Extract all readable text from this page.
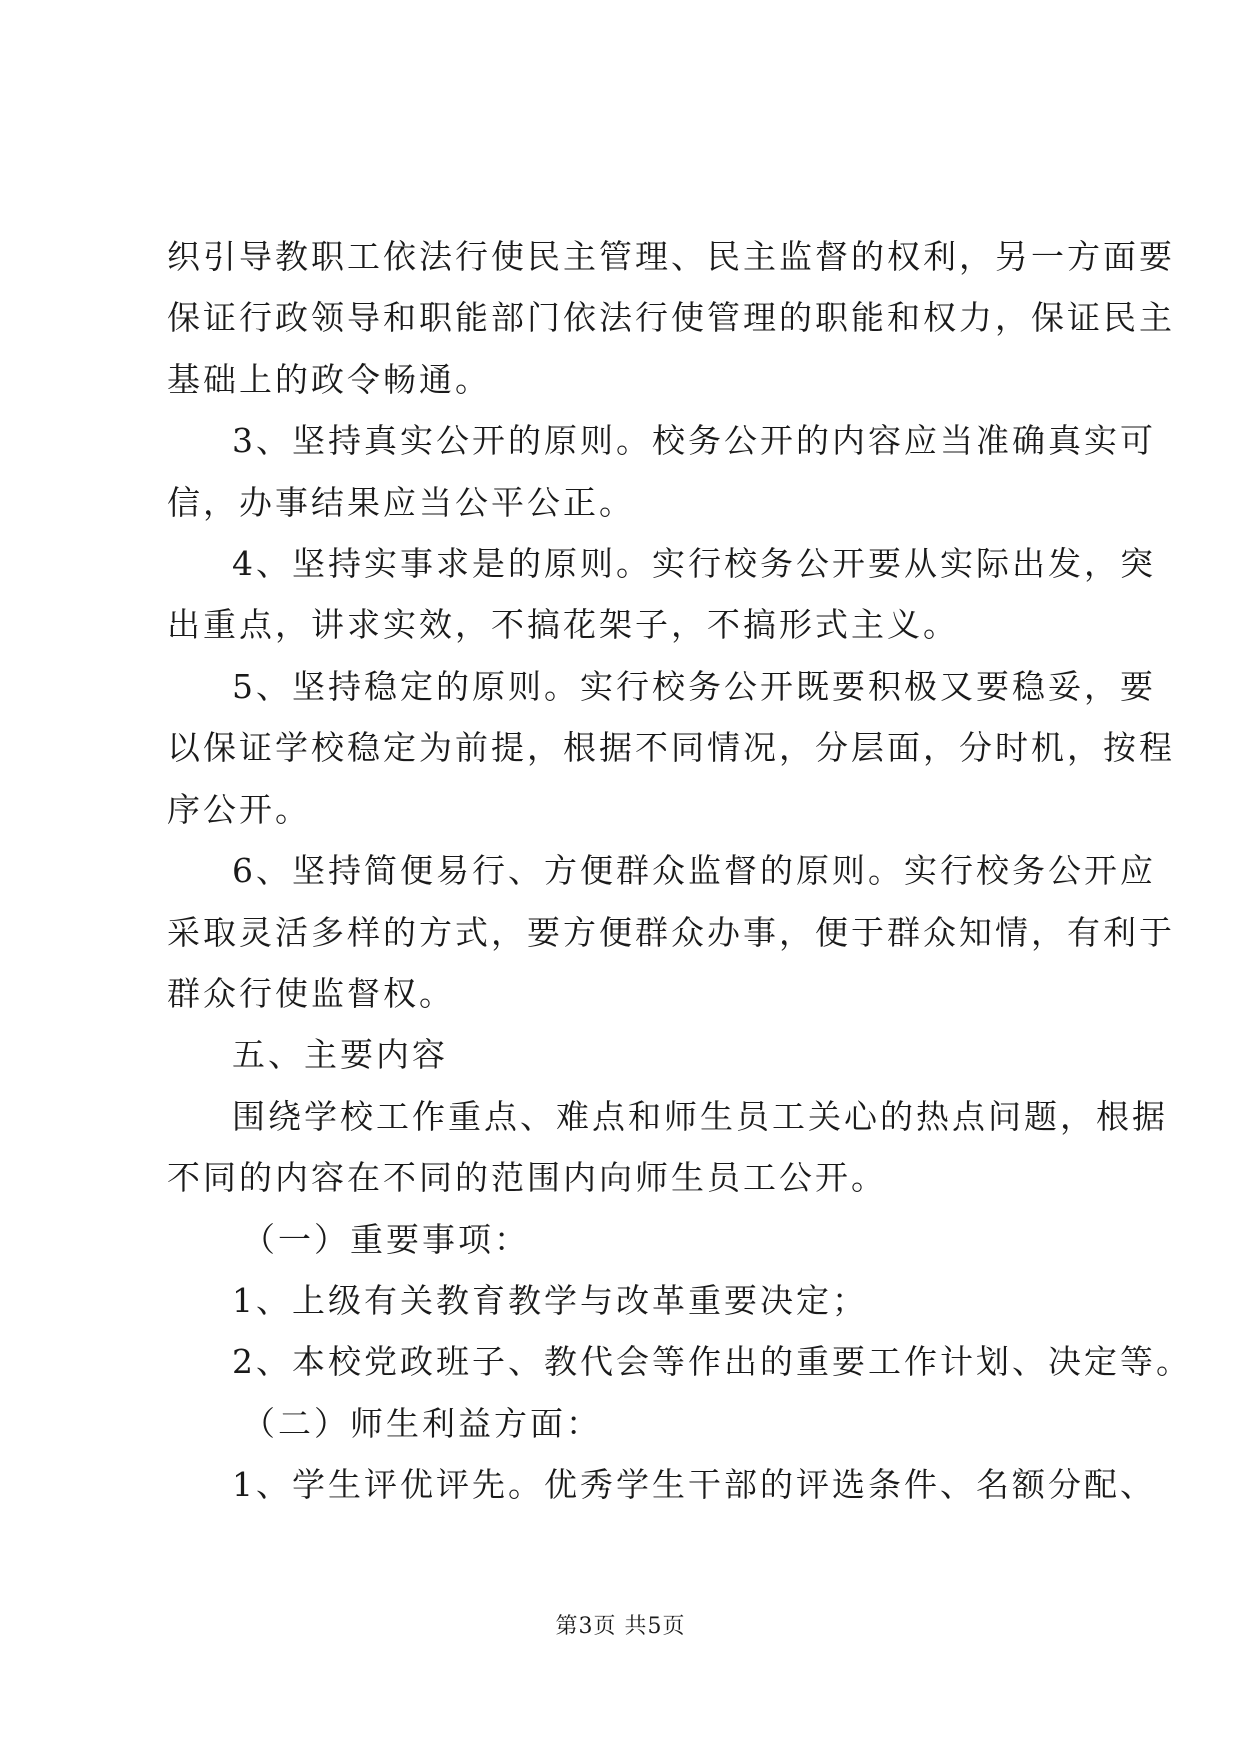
织引导教职工依法行使民主管理、民主监督的权利，另一方面要
保证行政领导和职能部门依法行使管理的职能和权力，保证民主
基础上的政令畅通。
3、坚持真实公开的原则。校务公开的内容应当准确真实可
信，办事结果应当公平公正。
4、坚持实事求是的原则。实行校务公开要从实际出发，突
出重点，讲求实效，不搞花架子，不搞形式主义。
5、坚持稳定的原则。实行校务公开既要积极又要稳妥，要
以保证学校稳定为前提，根据不同情况，分层面，分时机，按程
序公开。
6、坚持简便易行、方便群众监督的原则。实行校务公开应
采取灵活多样的方式，要方便群众办事，便于群众知情，有利于
群众行使监督权。
五、主要内容
围绕学校工作重点、难点和师生员工关心的热点问题，根据
不同的内容在不同的范围内向师生员工公开。
（一）重要事项：
1、上级有关教育教学与改革重要决定；
2、本校党政班子、教代会等作出的重要工作计划、决定等。
（二）师生利益方面：
1、学生评优评先。优秀学生干部的评选条件、名额分配、
第3页 共5页
